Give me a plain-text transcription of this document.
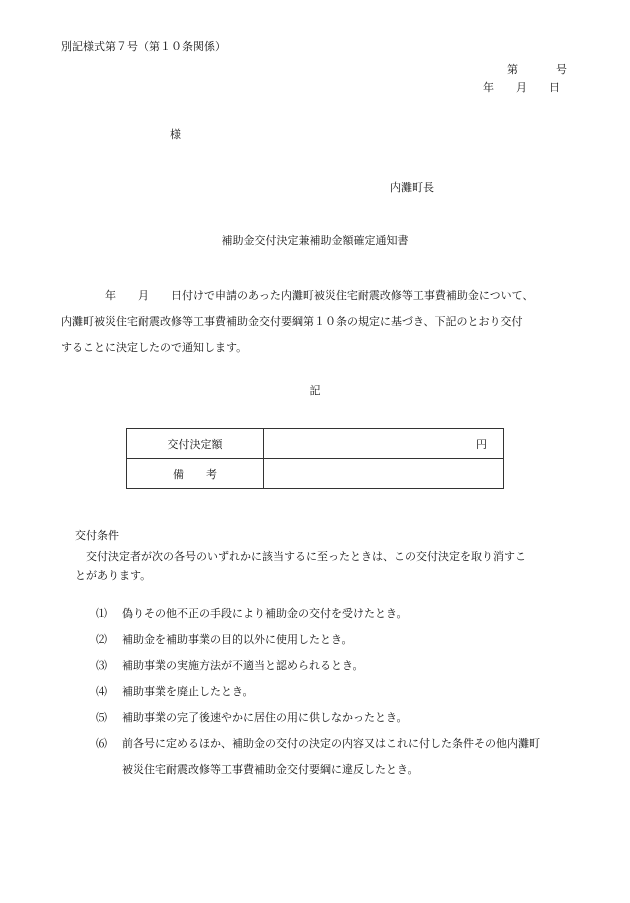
別記様式第７号（第１０条関係）
第	号
年 月 日
様
内灘町長
補助金交付決定兼補助金額確定通知書

　　　　年　　月　　日付けで申請のあった内灘町被災住宅耐震改修等工事費補助金について、

内灘町被災住宅耐震改修等工事費補助金交付要綱第１０条の規定に基づき、下記のとおり交付

することに決定したので通知します。

記
交付決定額	円
備　　考	
交付条件

交付決定者が次の各号のいずれかに該当するに至ったときは、この交付決定を取り消すこ

とがあります。

⑴	偽りその他不正の手段により補助金の交付を受けたとき。
⑵	補助金を補助事業の目的以外に使用したとき。
⑶	補助事業の実施方法が不適当と認められるとき。
⑷	補助事業を廃止したとき。
⑸	補助事業の完了後速やかに居住の用に供しなかったとき。
⑹	前各号に定めるほか、補助金の交付の決定の内容又はこれに付した条件その他内灘町
被災住宅耐震改修等工事費補助金交付要綱に違反したとき。
